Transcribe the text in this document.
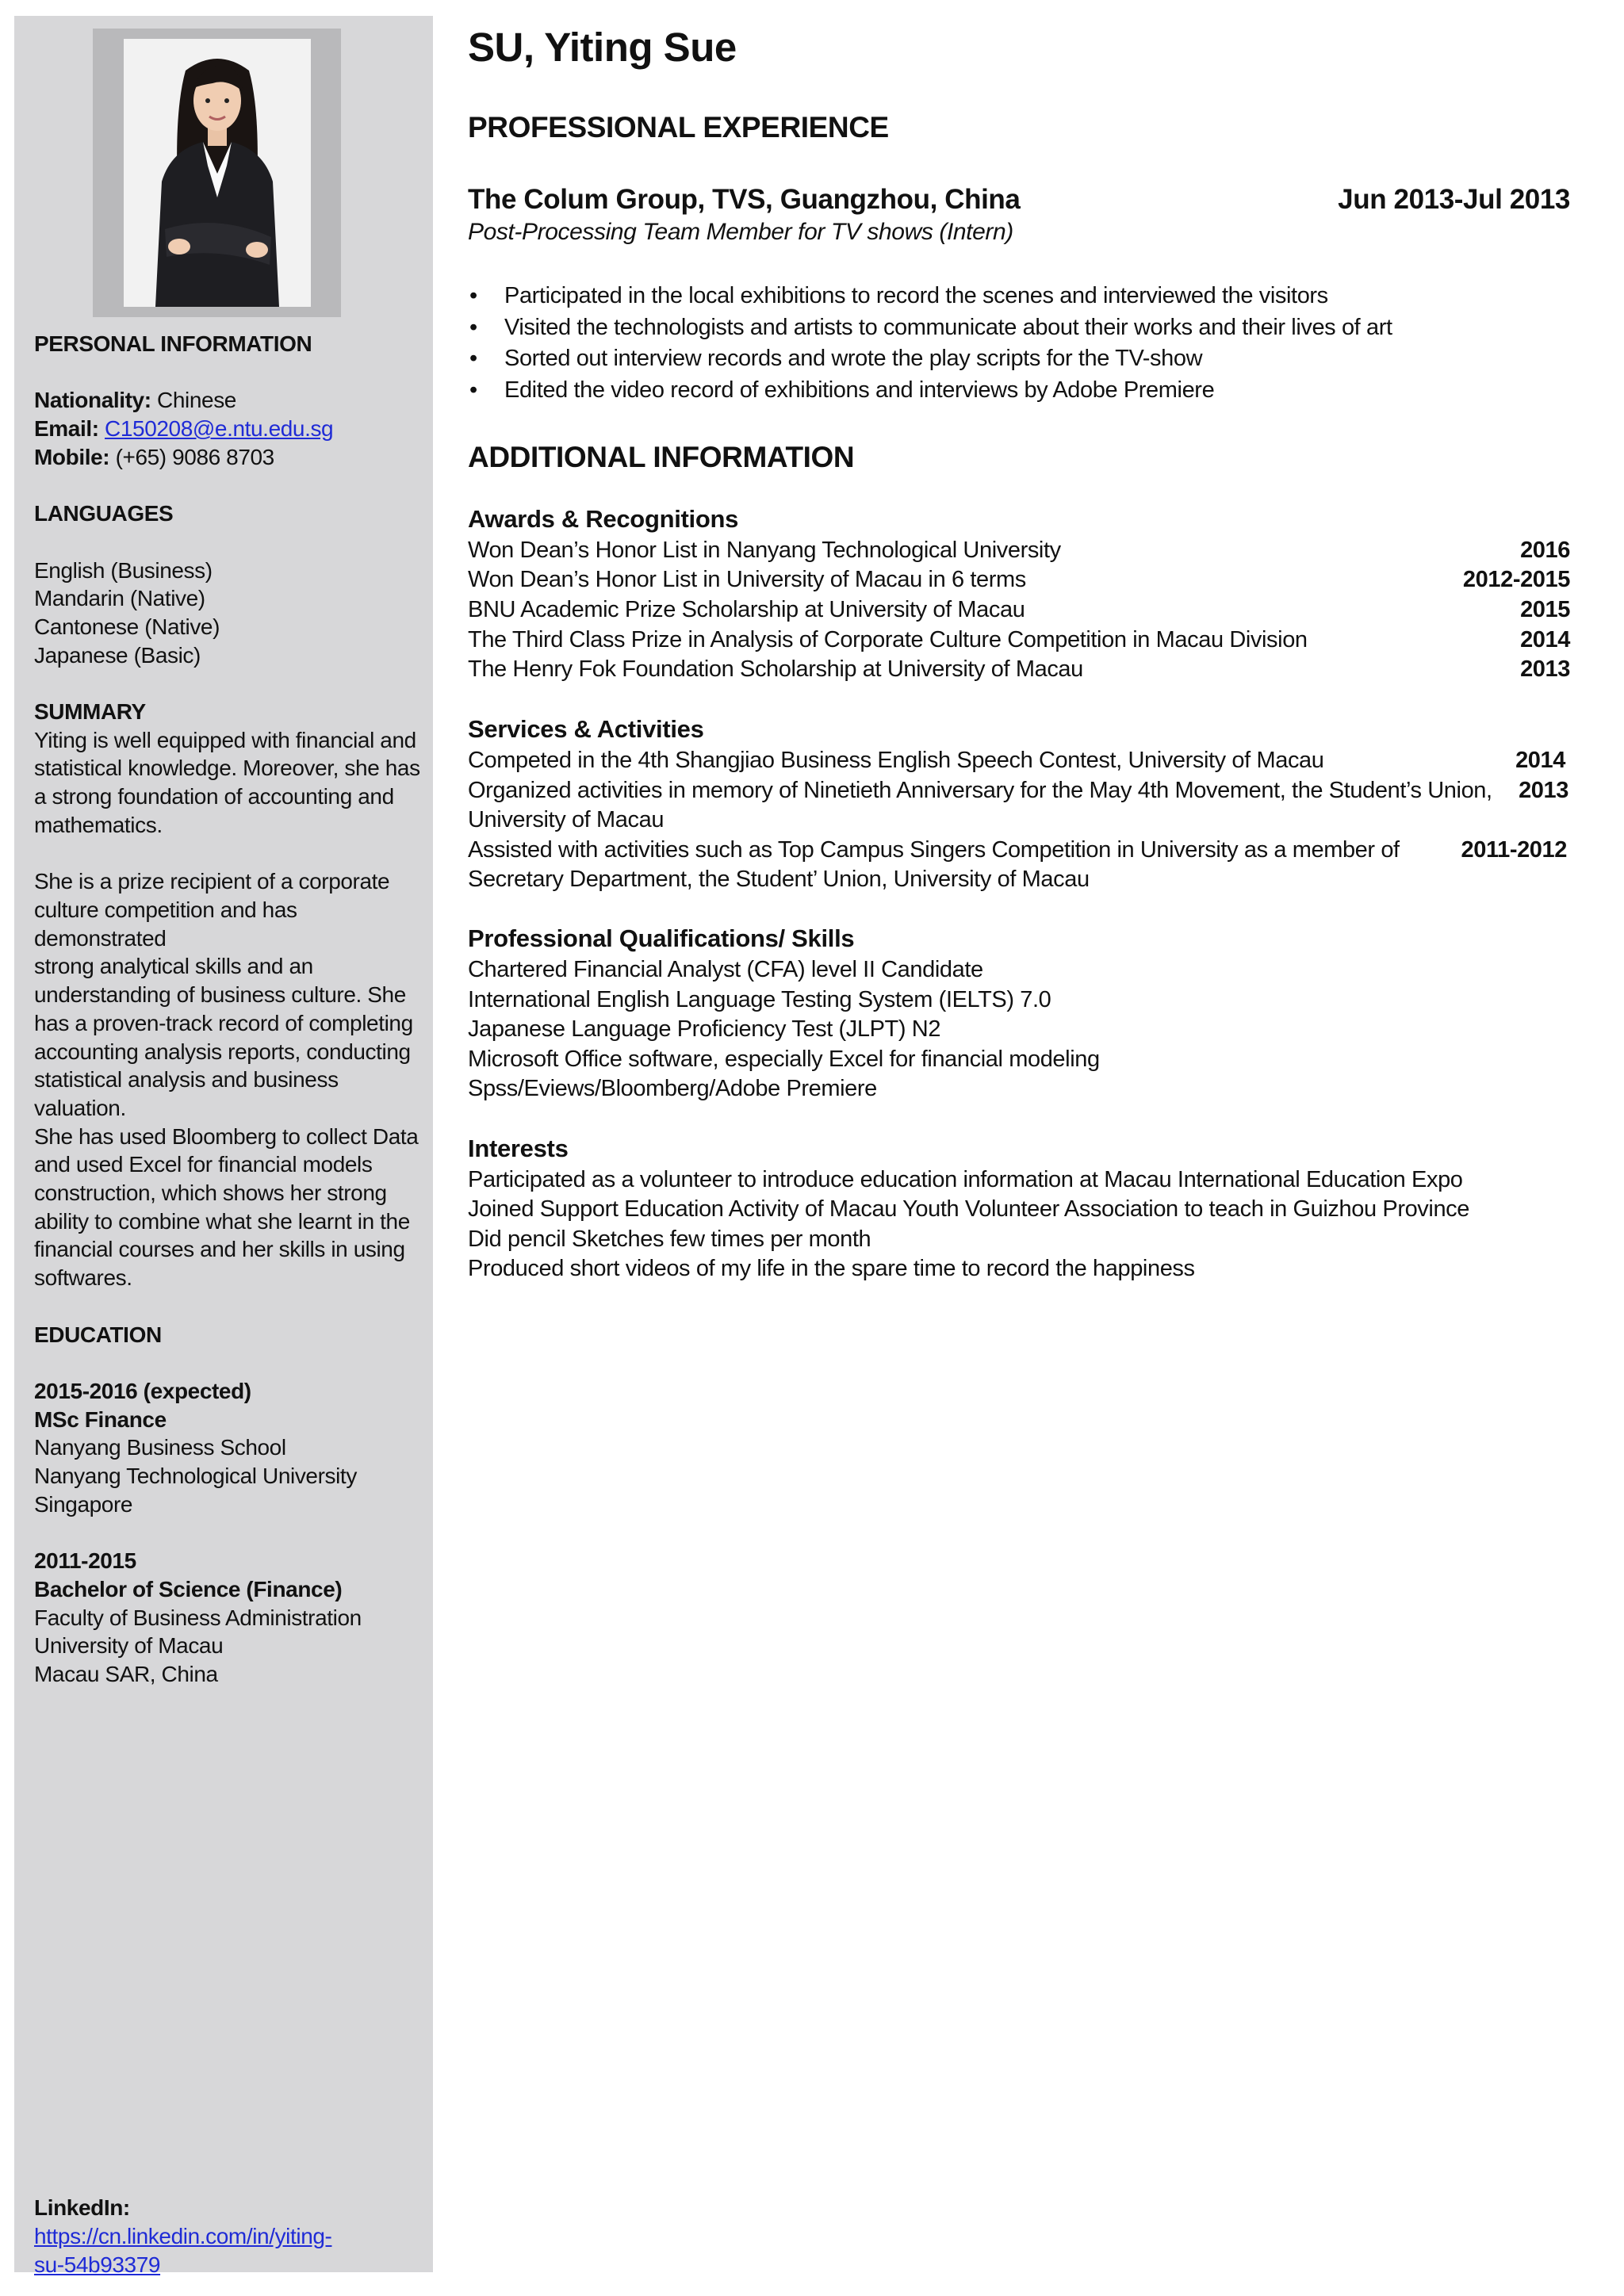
PERSONAL INFORMATION

Nationality: Chinese

Email: C150208@e.ntu.edu.sg

Mobile: (+65) 9086 8703

LANGUAGES

English (Business)

Mandarin (Native)

Cantonese (Native)

Japanese (Basic)

SUMMARY

Yiting is well equipped with financial and

statistical knowledge. Moreover, she has

a strong foundation of accounting and

mathematics.

She is a prize recipient of a corporate

culture competition and has demonstrated

strong analytical skills and an

understanding of business culture. She

has a proven-track record of completing

accounting analysis reports, conducting

statistical analysis and business valuation.

She has used Bloomberg to collect Data

and used Excel for financial models

construction, which shows her strong

ability to combine what she learnt in the

financial courses and her skills in using

softwares.

EDUCATION

2015-2016 (expected)

MSc Finance

Nanyang Business School

Nanyang Technological University

Singapore

2011-2015

Bachelor of Science (Finance)

Faculty of Business Administration

University of Macau

Macau SAR, China

LinkedIn: https://cn.linkedin.com/in/yiting-
su-54b93379
SU, Yiting Sue
PROFESSIONAL EXPERIENCE
The Colum Group, TVS, Guangzhou, China	Jun 2013-Jul 2013
Post-Processing Team Member for TV shows (Intern)
• Participated in the local exhibitions to record the scenes and interviewed the visitors
• Visited the technologists and artists to communicate about their works and their lives of art
• Sorted out interview records and wrote the play scripts for the TV-show
• Edited the video record of exhibitions and interviews by Adobe Premiere
ADDITIONAL INFORMATION
Awards & Recognitions
Won Dean’s Honor List in Nanyang Technological University	2016
Won Dean’s Honor List in University of Macau in 6 terms	2012-2015
BNU Academic Prize Scholarship at University of Macau	2015
The Third Class Prize in Analysis of Corporate Culture Competition in Macau Division	2014
The Henry Fok Foundation Scholarship at University of Macau	2013
Services & Activities
Competed in the 4th Shangjiao Business English Speech Contest, University of Macau	2014
Organized activities in memory of Ninetieth Anniversary for the May 4th Movement, the Student’s Union, 2013
University of Macau
Assisted with activities such as Top Campus Singers Competition in University as a member of	2011-2012
Secretary Department, the Student’ Union, University of Macau
Professional Qualifications/ Skills
Chartered Financial Analyst (CFA) level II Candidate
International English Language Testing System (IELTS) 7.0
Japanese Language Proficiency Test (JLPT) N2
Microsoft Office software, especially Excel for financial modeling
Spss/Eviews/Bloomberg/Adobe Premiere
Interests
Participated as a volunteer to introduce education information at Macau International Education Expo
Joined Support Education Activity of Macau Youth Volunteer Association to teach in Guizhou Province
Did pencil Sketches few times per month
Produced short videos of my life in the spare time to record the happiness
